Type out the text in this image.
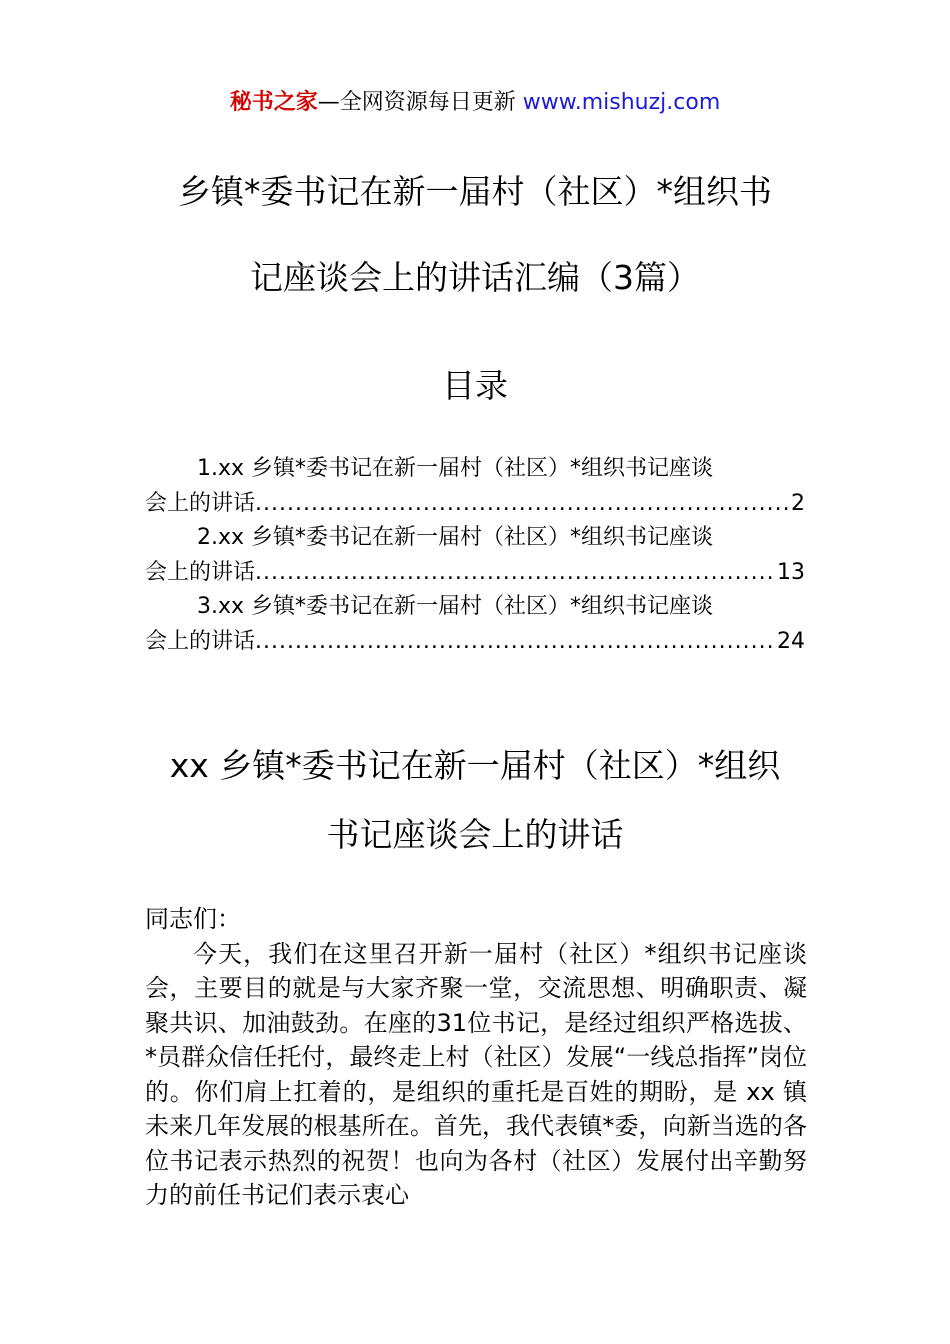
秘书之家—全网资源每日更新 www.mishuzj.com
乡镇*委书记在新一届村（社区）*组织书
记座谈会上的讲话汇编（3篇）
目录
1.xx 乡镇*委书记在新一届村（社区）*组织书记座谈
会上的讲话 .....	2
2.xx 乡镇*委书记在新一届村（社区）*组织书记座谈
会上的讲话 .....	13
3.xx 乡镇*委书记在新一届村（社区）*组织书记座谈
会上的讲话 .....	24
xx 乡镇*委书记在新一届村（社区）*组织
书记座谈会上的讲话

同志们：

今天，我们在这里召开新一届村（社区）*组织书记座谈会，主要目的就是与大家齐聚一堂，交流思想、明确职责、凝聚共识、加油鼓劲。在座的31位书记，是经过组织严格选拔、*员群众信任托付，最终走上村（社区）发展“一线总指挥”岗位的。你们肩上扛着的，是组织的重托是百姓的期盼，是 xx 镇未来几年发展的根基所在。首先，我代表镇*委，向新当选的各位书记表示热烈的祝贺！也向为各村（社区）发展付出辛勤努力的前任书记们表示衷心
